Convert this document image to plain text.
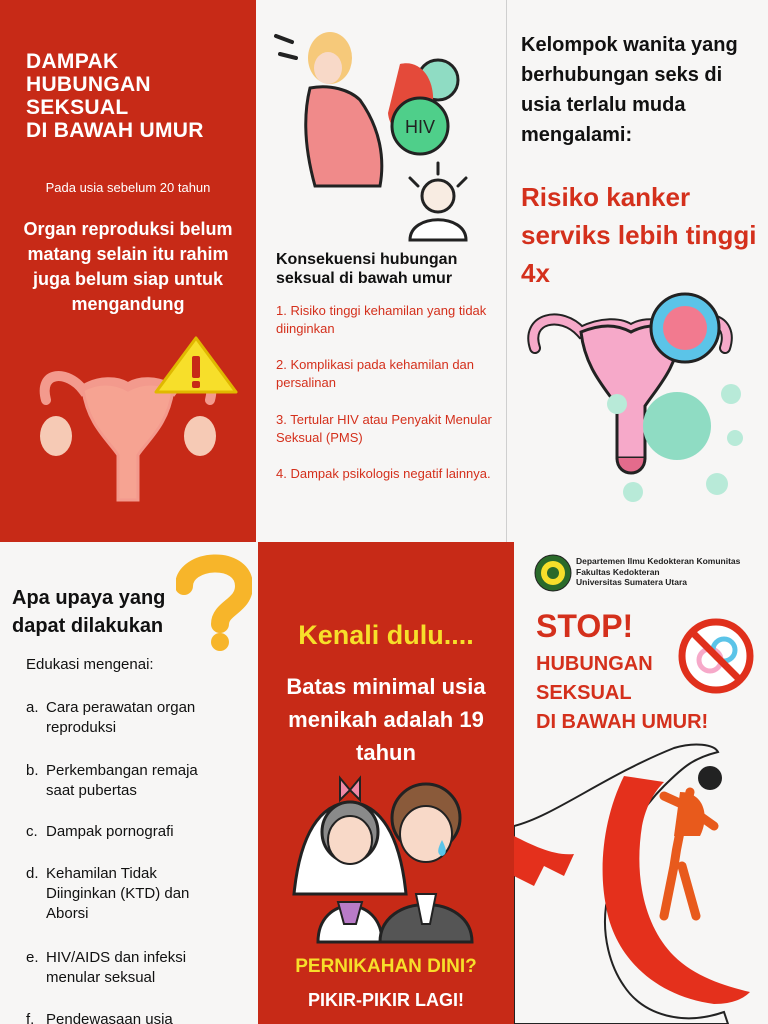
DAMPAK
HUBUNGAN
SEKSUAL
DI BAWAH UMUR
Pada usia sebelum 20 tahun
Organ reproduksi belum matang selain itu rahim juga belum siap untuk mengandung
HIV
Konsekuensi hubungan seksual di bawah umur
1. Risiko tinggi kehamilan yang tidak diinginkan
2. Komplikasi pada kehamilan dan persalinan
3. Tertular HIV atau Penyakit Menular Seksual (PMS)
4. Dampak psikologis negatif lainnya.
Kelompok wanita yang berhubungan seks di usia terlalu muda mengalami:
Risiko kanker serviks lebih tinggi 4x
Apa upaya yang
dapat dilakukan
Edukasi mengenai:
a. Cara perawatan organ reproduksi
b. Perkembangan remaja saat pubertas
c. Dampak pornografi
d. Kehamilan Tidak Diinginkan (KTD) dan Aborsi
e. HIV/AIDS dan infeksi menular seksual
f. Pendewasaan usia
Kenali dulu....
Batas minimal usia menikah adalah 19 tahun
PERNIKAHAN DINI?
PIKIR-PIKIR LAGI!
Departemen Ilmu Kedokteran Komunitas
Fakultas Kedokteran
Universitas Sumatera Utara
STOP!
HUBUNGAN
SEKSUAL
DI BAWAH UMUR!
